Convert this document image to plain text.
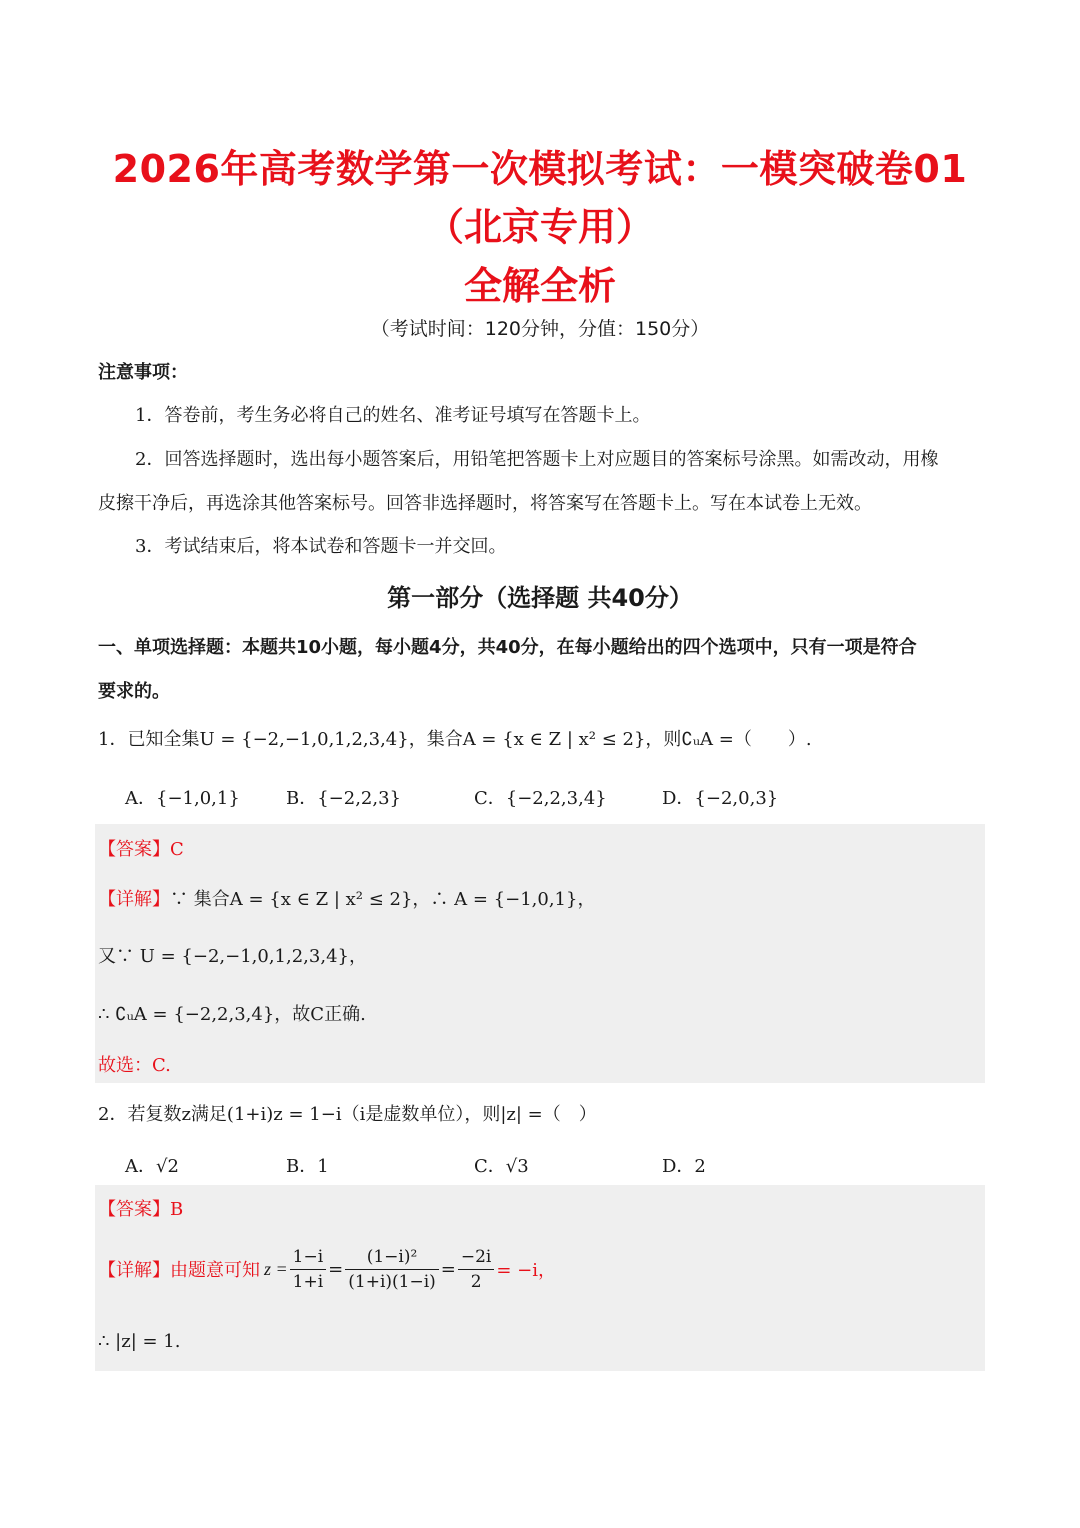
2026年高考数学第一次模拟考试：一模突破卷01
（北京专用）
全解全析
（考试时间：120分钟，分值：150分）
注意事项：
1．答卷前，考生务必将自己的姓名、准考证号填写在答题卡上。
2．回答选择题时，选出每小题答案后，用铅笔把答题卡上对应题目的答案标号涂黑。如需改动，用橡
皮擦干净后，再选涂其他答案标号。回答非选择题时，将答案写在答题卡上。写在本试卷上无效。
3．考试结束后，将本试卷和答题卡一并交回。
第一部分（选择题 共40分）
一、单项选择题：本题共10小题，每小题4分，共40分，在每小题给出的四个选项中，只有一项是符合
要求的。
1．已知全集U = {−2,−1,0,1,2,3,4}，集合A = {x ∈ Z | x² ≤ 2}，则∁ᵤA =（　　）.
A．{−1,0,1}	B．{−2,2,3}	C．{−2,2,3,4}	D．{−2,0,3}
【答案】C
【详解】∵ 集合A = {x ∈ Z | x² ≤ 2}，∴ A = {−1,0,1}，
又∵ U = {−2,−1,0,1,2,3,4}，
∴ ∁ᵤA = {−2,2,3,4}，故C正确.
故选：C.
2．若复数z满足(1+i)z = 1−i（i是虚数单位），则|z| =（　）
A．√2	B．1	C．√3	D．2
【答案】B
【详解】 由题意可知 $z = \frac{1-i}{1+i} = \frac{\text{(1−i)²}}{(1+i)(1-i)} = \frac{-2i}{2} = -i$，
∴ |z| = 1.
